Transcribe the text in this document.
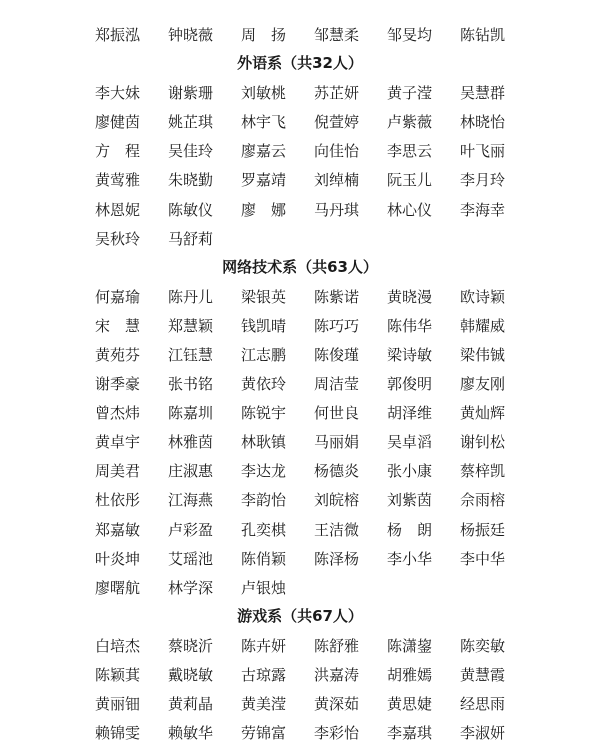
郑振泓 钟晓薇 周　扬 邹慧柔 邹旻均 陈钻凯
外语系（共32人）
李大妹 谢紫珊 刘敏桃 苏芷妍 黄子滢 吴慧群
廖健茵 姚芷琪 林宇飞 倪萱婷 卢紫薇 林晓怡
方　程 吴佳玲 廖嘉云 向佳怡 李思云 叶飞丽
黄莺雅 朱晓勤 罗嘉靖 刘绰楠 阮玉儿 李月玲
林恩妮 陈敏仪 廖　娜 马丹琪 林心仪 李海幸
吴秋玲 马舒莉
网络技术系（共63人）
何嘉瑜 陈丹儿 梁银英 陈紫诺 黄晓漫 欧诗颖
宋　慧 郑慧颖 钱凯晴 陈巧巧 陈伟华 韩耀威
黄苑芬 江钰慧 江志鹏 陈俊瑾 梁诗敏 梁伟铖
谢季豪 张书铭 黄依玲 周洁莹 郭俊明 廖友刚
曾杰炜 陈嘉圳 陈锐宇 何世良 胡泽维 黄灿辉
黄卓宇 林雅茵 林耿镇 马丽娟 吴卓滔 谢钊松
周美君 庄淑惠 李达龙 杨德炎 张小康 蔡梓凯
杜依彤 江海燕 李韵怡 刘皖榕 刘紫茵 佘雨榕
郑嘉敏 卢彩盈 孔奕棋 王洁微 杨　朗 杨振廷
叶炎坤 艾瑶池 陈俏颖 陈泽杨 李小华 李中华
廖曙航 林学深 卢银烛
游戏系（共67人）
白培杰 蔡晓沂 陈卉妍 陈舒雅 陈潇鋆 陈奕敏
陈颖萁 戴晓敏 古琼露 洪嘉涛 胡雅嫣 黄慧霞
黄丽钿 黄莉晶 黄美滢 黄深茹 黄思婕 经思雨
赖锦雯 赖敏华 劳锦富 李彩怡 李嘉琪 李淑妍
